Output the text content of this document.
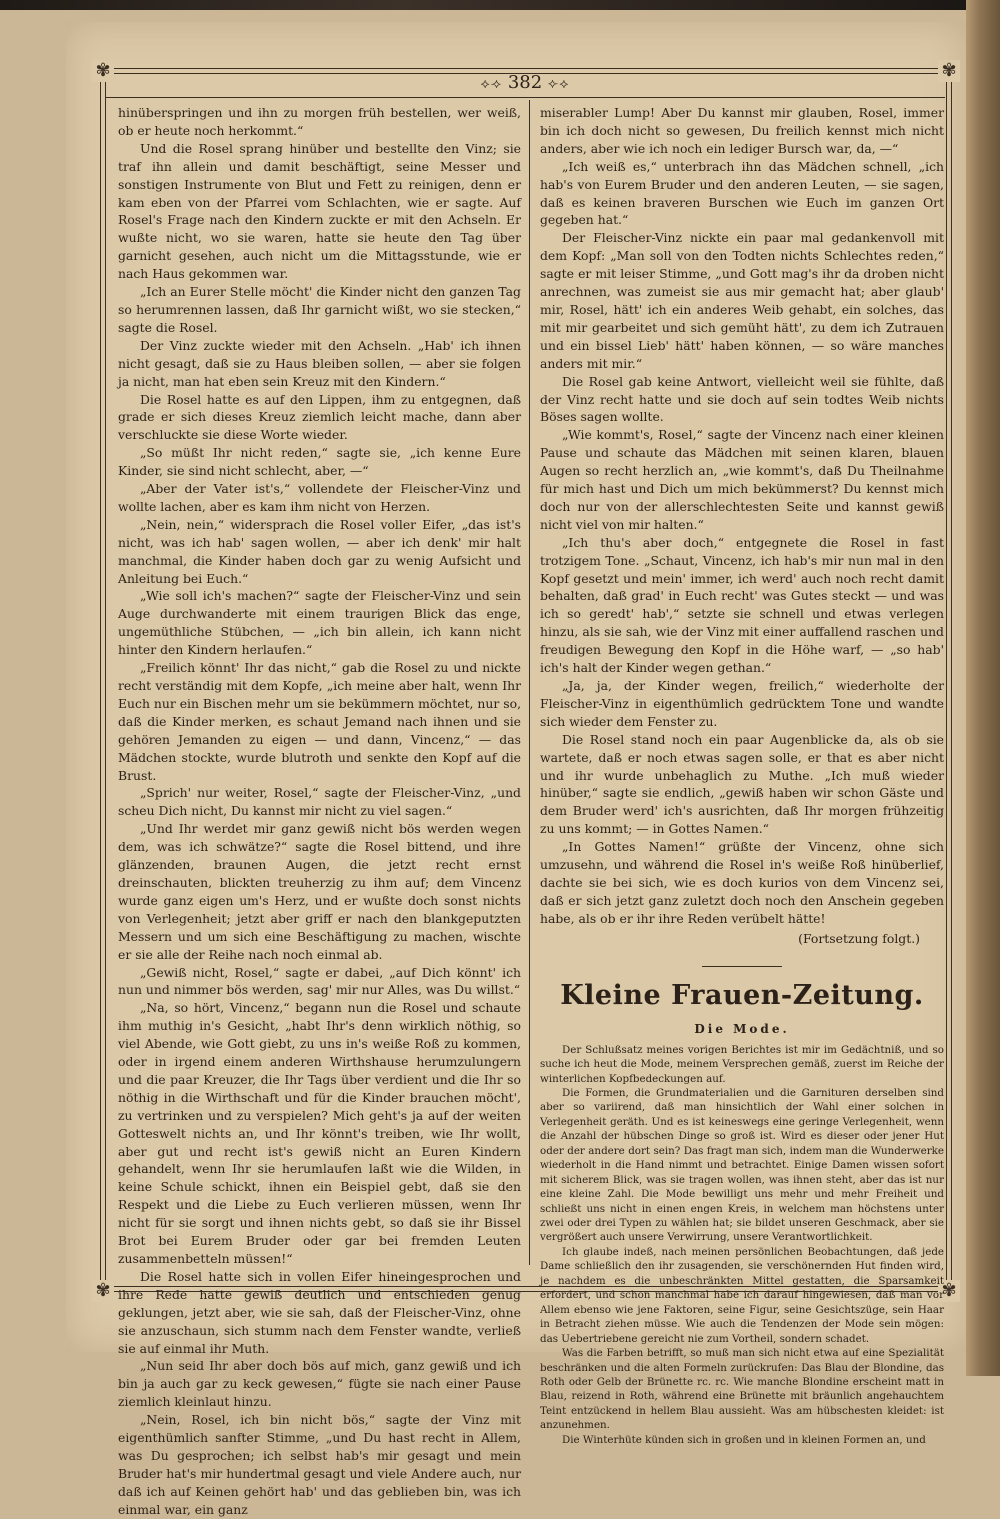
✾	✾
✾	✾
⟡⟢ 382 ⟣⟡

hinüberspringen und ihn zu morgen früh bestellen, wer weiß, ob er heute noch herkommt.“

Und die Rosel sprang hinüber und bestellte den Vinz; sie traf ihn allein und damit beschäftigt, seine Messer und sonstigen Instrumente von Blut und Fett zu reinigen, denn er kam eben von der Pfarrei vom Schlachten, wie er sagte. Auf Rosel's Frage nach den Kindern zuckte er mit den Achseln. Er wußte nicht, wo sie waren, hatte sie heute den Tag über garnicht gesehen, auch nicht um die Mittagsstunde, wie er nach Haus gekommen war.

„Ich an Eurer Stelle möcht' die Kinder nicht den ganzen Tag so herumrennen lassen, daß Ihr garnicht wißt, wo sie stecken,“ sagte die Rosel.

Der Vinz zuckte wieder mit den Achseln. „Hab' ich ihnen nicht gesagt, daß sie zu Haus bleiben sollen, — aber sie folgen ja nicht, man hat eben sein Kreuz mit den Kindern.“

Die Rosel hatte es auf den Lippen, ihm zu entgegnen, daß grade er sich dieses Kreuz ziemlich leicht mache, dann aber verschluckte sie diese Worte wieder.

„So müßt Ihr nicht reden,“ sagte sie, „ich kenne Eure Kinder, sie sind nicht schlecht, aber, —“

„Aber der Vater ist's,“ vollendete der Fleischer-Vinz und wollte lachen, aber es kam ihm nicht von Herzen.

„Nein, nein,“ widersprach die Rosel voller Eifer, „das ist's nicht, was ich hab' sagen wollen, — aber ich denk' mir halt manchmal, die Kinder haben doch gar zu wenig Aufsicht und Anleitung bei Euch.“

„Wie soll ich's machen?“ sagte der Fleischer-Vinz und sein Auge durchwanderte mit einem traurigen Blick das enge, ungemüthliche Stübchen, — „ich bin allein, ich kann nicht hinter den Kindern herlaufen.“

„Freilich könnt' Ihr das nicht,“ gab die Rosel zu und nickte recht verständig mit dem Kopfe, „ich meine aber halt, wenn Ihr Euch nur ein Bischen mehr um sie bekümmern möchtet, nur so, daß die Kinder merken, es schaut Jemand nach ihnen und sie gehören Jemanden zu eigen — und dann, Vincenz,“ — das Mädchen stockte, wurde blutroth und senkte den Kopf auf die Brust.

„Sprich' nur weiter, Rosel,“ sagte der Fleischer-Vinz, „und scheu Dich nicht, Du kannst mir nicht zu viel sagen.“

„Und Ihr werdet mir ganz gewiß nicht bös werden wegen dem, was ich schwätze?“ sagte die Rosel bittend, und ihre glänzenden, braunen Augen, die jetzt recht ernst dreinschauten, blickten treuherzig zu ihm auf; dem Vincenz wurde ganz eigen um's Herz, und er wußte doch sonst nichts von Verlegenheit; jetzt aber griff er nach den blankgeputzten Messern und um sich eine Beschäftigung zu machen, wischte er sie alle der Reihe nach noch einmal ab.

„Gewiß nicht, Rosel,“ sagte er dabei, „auf Dich könnt' ich nun und nimmer bös werden, sag' mir nur Alles, was Du willst.“

„Na, so hört, Vincenz,“ begann nun die Rosel und schaute ihm muthig in's Gesicht, „habt Ihr's denn wirklich nöthig, so viel Abende, wie Gott giebt, zu uns in's weiße Roß zu kommen, oder in irgend einem anderen Wirthshause herumzulungern und die paar Kreuzer, die Ihr Tags über verdient und die Ihr so nöthig in die Wirthschaft und für die Kinder brauchen möcht', zu vertrinken und zu verspielen? Mich geht's ja auf der weiten Gotteswelt nichts an, und Ihr könnt's treiben, wie Ihr wollt, aber gut und recht ist's gewiß nicht an Euren Kindern gehandelt, wenn Ihr sie herumlaufen laßt wie die Wilden, in keine Schule schickt, ihnen ein Beispiel gebt, daß sie den Respekt und die Liebe zu Euch verlieren müssen, wenn Ihr nicht für sie sorgt und ihnen nichts gebt, so daß sie ihr Bissel Brot bei Eurem Bruder oder gar bei fremden Leuten zusammenbetteln müssen!“

Die Rosel hatte sich in vollen Eifer hineingesprochen und ihre Rede hatte gewiß deutlich und entschieden genug geklungen, jetzt aber, wie sie sah, daß der Fleischer-Vinz, ohne sie anzuschaun, sich stumm nach dem Fenster wandte, verließ sie auf einmal ihr Muth.

„Nun seid Ihr aber doch bös auf mich, ganz gewiß und ich bin ja auch gar zu keck gewesen,“ fügte sie nach einer Pause ziemlich kleinlaut hinzu.

„Nein, Rosel, ich bin nicht bös,“ sagte der Vinz mit eigenthümlich sanfter Stimme, „und Du hast recht in Allem, was Du gesprochen; ich selbst hab's mir gesagt und mein Bruder hat's mir hundertmal gesagt und viele Andere auch, nur daß ich auf Keinen gehört hab' und das geblieben bin, was ich einmal war, ein ganz

miserabler Lump! Aber Du kannst mir glauben, Rosel, immer bin ich doch nicht so gewesen, Du freilich kennst mich nicht anders, aber wie ich noch ein lediger Bursch war, da, —“

„Ich weiß es,“ unterbrach ihn das Mädchen schnell, „ich hab's von Eurem Bruder und den anderen Leuten, — sie sagen, daß es keinen braveren Burschen wie Euch im ganzen Ort gegeben hat.“

Der Fleischer-Vinz nickte ein paar mal gedankenvoll mit dem Kopf: „Man soll von den Todten nichts Schlechtes reden,“ sagte er mit leiser Stimme, „und Gott mag's ihr da droben nicht anrechnen, was zumeist sie aus mir gemacht hat; aber glaub' mir, Rosel, hätt' ich ein anderes Weib gehabt, ein solches, das mit mir gearbeitet und sich gemüht hätt', zu dem ich Zutrauen und ein bissel Lieb' hätt' haben können, — so wäre manches anders mit mir.“

Die Rosel gab keine Antwort, vielleicht weil sie fühlte, daß der Vinz recht hatte und sie doch auf sein todtes Weib nichts Böses sagen wollte.

„Wie kommt's, Rosel,“ sagte der Vincenz nach einer kleinen Pause und schaute das Mädchen mit seinen klaren, blauen Augen so recht herzlich an, „wie kommt's, daß Du Theilnahme für mich hast und Dich um mich bekümmerst? Du kennst mich doch nur von der allerschlechtesten Seite und kannst gewiß nicht viel von mir halten.“

„Ich thu's aber doch,“ entgegnete die Rosel in fast trotzigem Tone. „Schaut, Vincenz, ich hab's mir nun mal in den Kopf gesetzt und mein' immer, ich werd' auch noch recht damit behalten, daß grad' in Euch recht' was Gutes steckt — und was ich so geredt' hab',“ setzte sie schnell und etwas verlegen hinzu, als sie sah, wie der Vinz mit einer auffallend raschen und freudigen Bewegung den Kopf in die Höhe warf, — „so hab' ich's halt der Kinder wegen gethan.“

„Ja, ja, der Kinder wegen, freilich,“ wiederholte der Fleischer-Vinz in eigenthümlich gedrücktem Tone und wandte sich wieder dem Fenster zu.

Die Rosel stand noch ein paar Augenblicke da, als ob sie wartete, daß er noch etwas sagen solle, er that es aber nicht und ihr wurde unbehaglich zu Muthe. „Ich muß wieder hinüber,“ sagte sie endlich, „gewiß haben wir schon Gäste und dem Bruder werd' ich's ausrichten, daß Ihr morgen frühzeitig zu uns kommt; — in Gottes Namen.“

„In Gottes Namen!“ grüßte der Vincenz, ohne sich umzusehn, und während die Rosel in's weiße Roß hinüberlief, dachte sie bei sich, wie es doch kurios von dem Vincenz sei, daß er sich jetzt ganz zuletzt doch noch den Anschein gegeben habe, als ob er ihr ihre Reden verübelt hätte!

(Fortsetzung folgt.)

Kleine Frauen-Zeitung.
Die Mode.

Der Schlußsatz meines vorigen Berichtes ist mir im Gedächtniß, und so suche ich heut die Mode, meinem Versprechen gemäß, zuerst im Reiche der winterlichen Kopfbedeckungen auf.

Die Formen, die Grundmaterialien und die Garnituren derselben sind aber so variirend, daß man hinsichtlich der Wahl einer solchen in Verlegenheit geräth. Und es ist keineswegs eine geringe Verlegenheit, wenn die Anzahl der hübschen Dinge so groß ist. Wird es dieser oder jener Hut oder der andere dort sein? Das fragt man sich, indem man die Wunderwerke wiederholt in die Hand nimmt und betrachtet. Einige Damen wissen sofort mit sicherem Blick, was sie tragen wollen, was ihnen steht, aber das ist nur eine kleine Zahl. Die Mode bewilligt uns mehr und mehr Freiheit und schließt uns nicht in einen engen Kreis, in welchem man höchstens unter zwei oder drei Typen zu wählen hat; sie bildet unseren Geschmack, aber sie vergrößert auch unsere Verwirrung, unsere Verantwortlichkeit.

Ich glaube indeß, nach meinen persönlichen Beobachtungen, daß jede Dame schließlich den ihr zusagenden, sie verschönernden Hut finden wird, je nachdem es die unbeschränkten Mittel gestatten, die Sparsamkeit erfordert, und schon manchmal habe ich darauf hingewiesen, daß man vor Allem ebenso wie jene Faktoren, seine Figur, seine Gesichtszüge, sein Haar in Betracht ziehen müsse. Wie auch die Tendenzen der Mode sein mögen: das Uebertriebene gereicht nie zum Vortheil, sondern schadet.

Was die Farben betrifft, so muß man sich nicht etwa auf eine Spezialität beschränken und die alten Formeln zurückrufen: Das Blau der Blondine, das Roth oder Gelb der Brünette rc. rc. Wie manche Blondine erscheint matt in Blau, reizend in Roth, während eine Brünette mit bräunlich angehauchtem Teint entzückend in hellem Blau aussieht. Was am hübschesten kleidet: ist anzunehmen.

Die Winterhüte künden sich in großen und in kleinen Formen an, und
